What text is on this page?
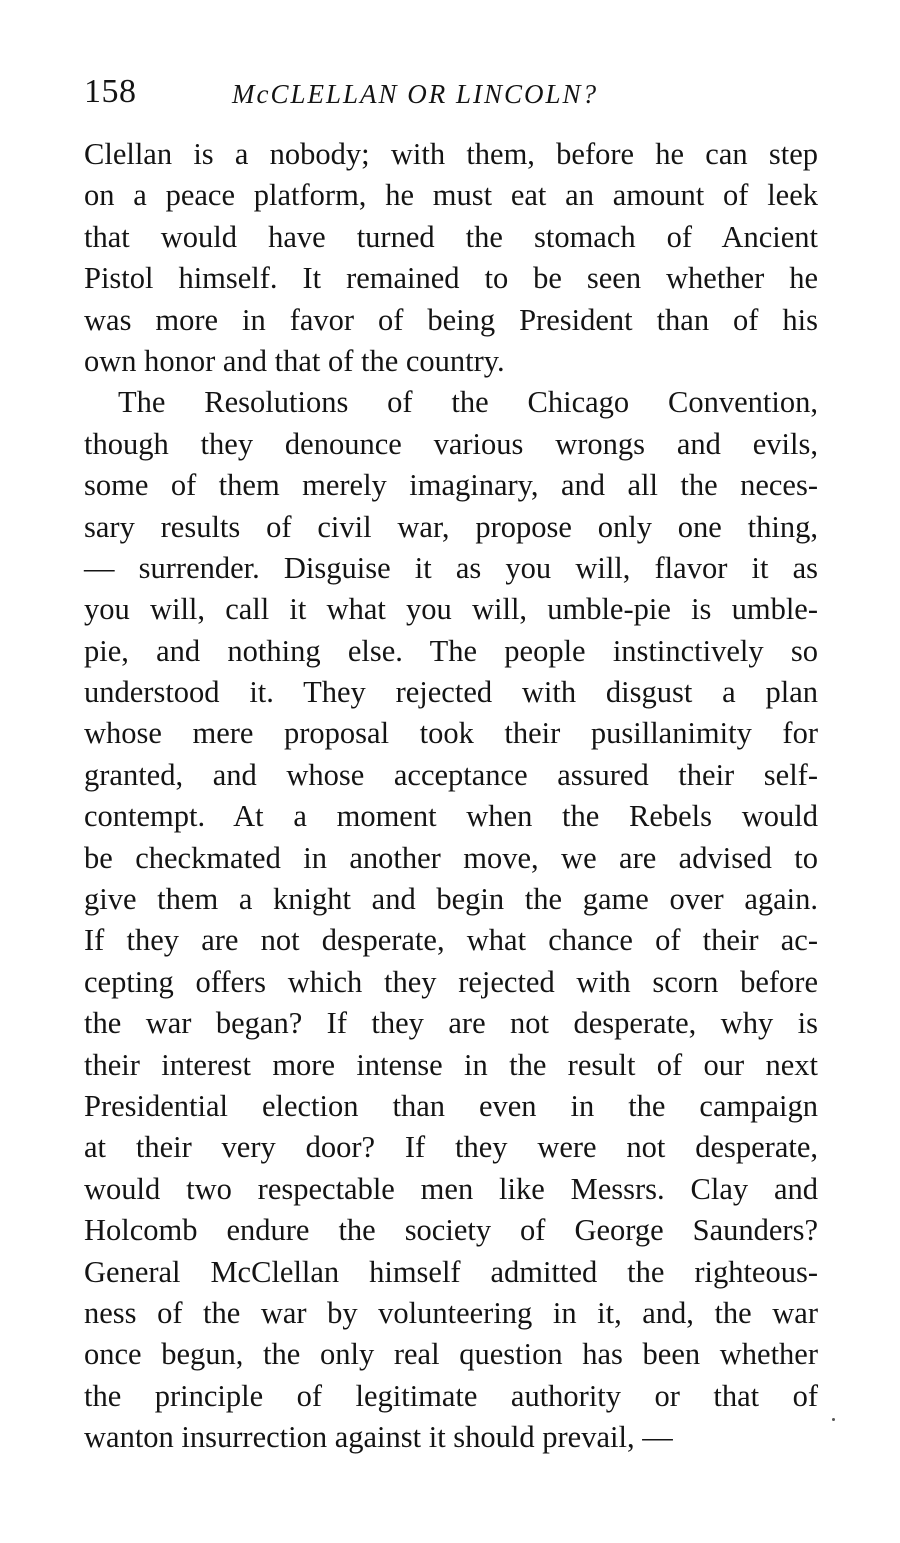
158	McCLELLAN OR LINCOLN?
Clellan is a nobody; with them, before he can step
on a peace platform, he must eat an amount of leek
that would have turned the stomach of Ancient
Pistol himself. It remained to be seen whether he
was more in favor of being President than of his
own honor and that of the country.
The Resolutions of the Chicago Convention,
though they denounce various wrongs and evils,
some of them merely imaginary, and all the neces-
sary results of civil war, propose only one thing,
— surrender. Disguise it as you will, flavor it as
you will, call it what you will, umble-pie is umble-
pie, and nothing else. The people instinctively so
understood it. They rejected with disgust a plan
whose mere proposal took their pusillanimity for
granted, and whose acceptance assured their self-
contempt. At a moment when the Rebels would
be checkmated in another move, we are advised to
give them a knight and begin the game over again.
If they are not desperate, what chance of their ac-
cepting offers which they rejected with scorn before
the war began? If they are not desperate, why is
their interest more intense in the result of our next
Presidential election than even in the campaign
at their very door? If they were not desperate,
would two respectable men like Messrs. Clay and
Holcomb endure the society of George Saunders?
General McClellan himself admitted the righteous-
ness of the war by volunteering in it, and, the war
once begun, the only real question has been whether
the principle of legitimate authority or that of
wanton insurrection against it should prevail, —
